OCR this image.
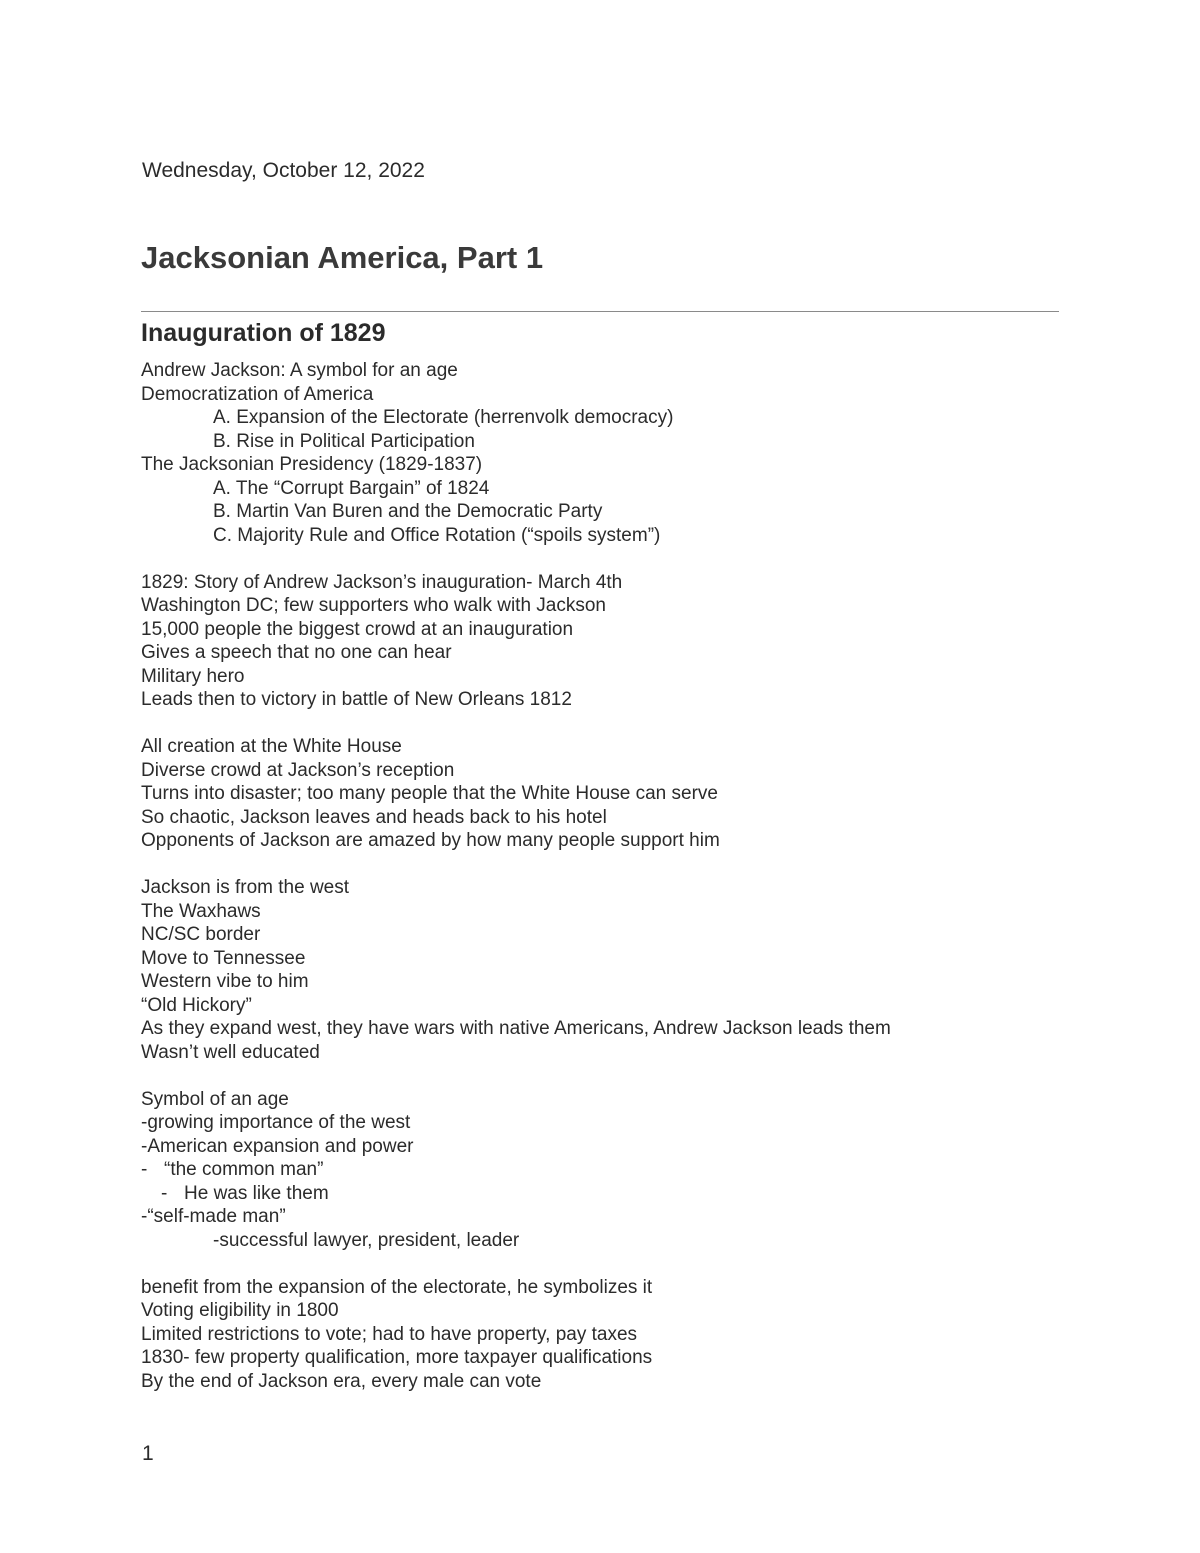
Wednesday, October 12, 2022
Jacksonian America, Part 1
Inauguration of 1829
Andrew Jackson: A symbol for an age
Democratization of America
A. Expansion of the Electorate (herrenvolk democracy)
B. Rise in Political Participation
The Jacksonian Presidency (1829-1837)
A. The “Corrupt Bargain” of 1824
B. Martin Van Buren and the Democratic Party
C. Majority Rule and Office Rotation (“spoils system”)
1829: Story of Andrew Jackson’s inauguration- March 4th
Washington DC; few supporters who walk with Jackson
15,000 people the biggest crowd at an inauguration
Gives a speech that no one can hear
Military hero
Leads then to victory in battle of New Orleans 1812
All creation at the White House
Diverse crowd at Jackson’s reception
Turns into disaster; too many people that the White House can serve
So chaotic, Jackson leaves and heads back to his hotel
Opponents of Jackson are amazed by how many people support him
Jackson is from the west
The Waxhaws
NC/SC border
Move to Tennessee
Western vibe to him
“Old Hickory”
As they expand west, they have wars with native Americans, Andrew Jackson leads them
Wasn’t well educated
Symbol of an age
-growing importance of the west
-American expansion and power
- “the common man”
- He was like them
-“self-made man”
-successful lawyer, president, leader
benefit from the expansion of the electorate, he symbolizes it
Voting eligibility in 1800
Limited restrictions to vote; had to have property, pay taxes
1830- few property qualification, more taxpayer qualifications
By the end of Jackson era, every male can vote
1
